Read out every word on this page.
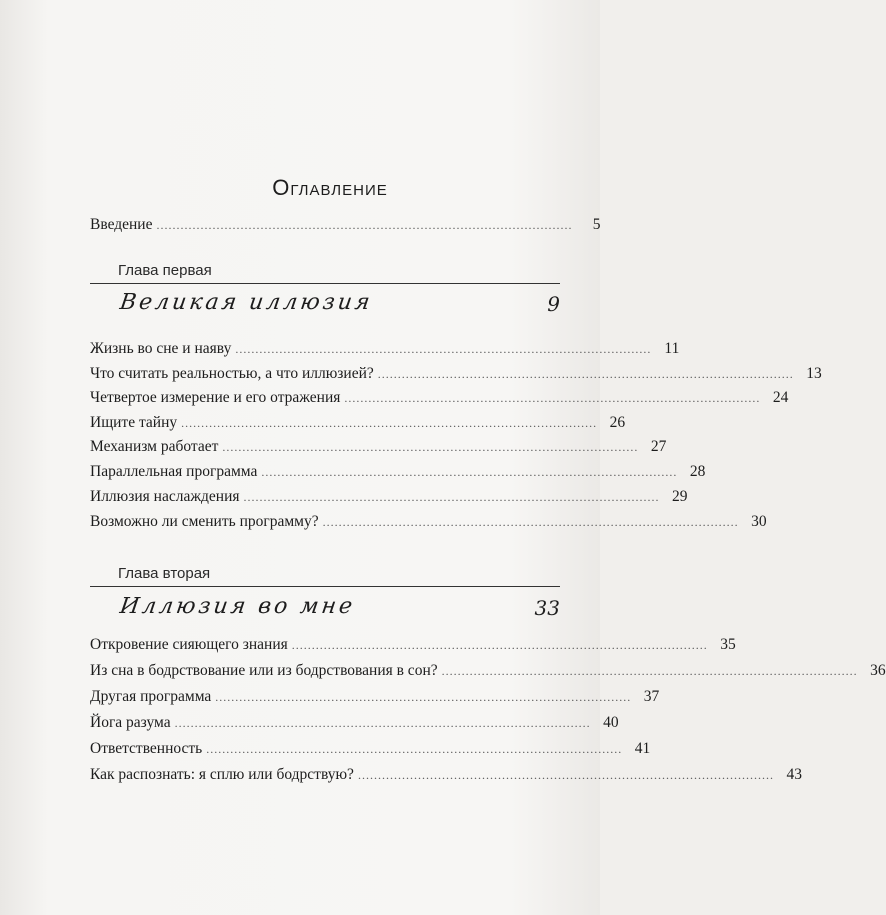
Оглавление
Введение ........................................................................................................	5
Глава первая
Великая иллюзия	9
Жизнь во сне и наяву ........................................................................................................ 11
Что считать реальностью, а что иллюзией? ........................................................................................................ 13
Четвертое измерение и его отражения ........................................................................................................ 24
Ищите тайну ........................................................................................................ 26
Механизм работает ........................................................................................................ 27
Параллельная программа ........................................................................................................ 28
Иллюзия наслаждения ........................................................................................................ 29
Возможно ли сменить программу? ........................................................................................................ 30
Глава вторая
Иллюзия во мне	33
Откровение сияющего знания ........................................................................................................ 35
Из сна в бодрствование или из бодрствования в сон? ........................................................................................................ 36
Другая программа ........................................................................................................ 37
Йога разума ........................................................................................................ 40
Ответственность ........................................................................................................ 41
Как распознать: я сплю или бодрствую? ........................................................................................................ 43
